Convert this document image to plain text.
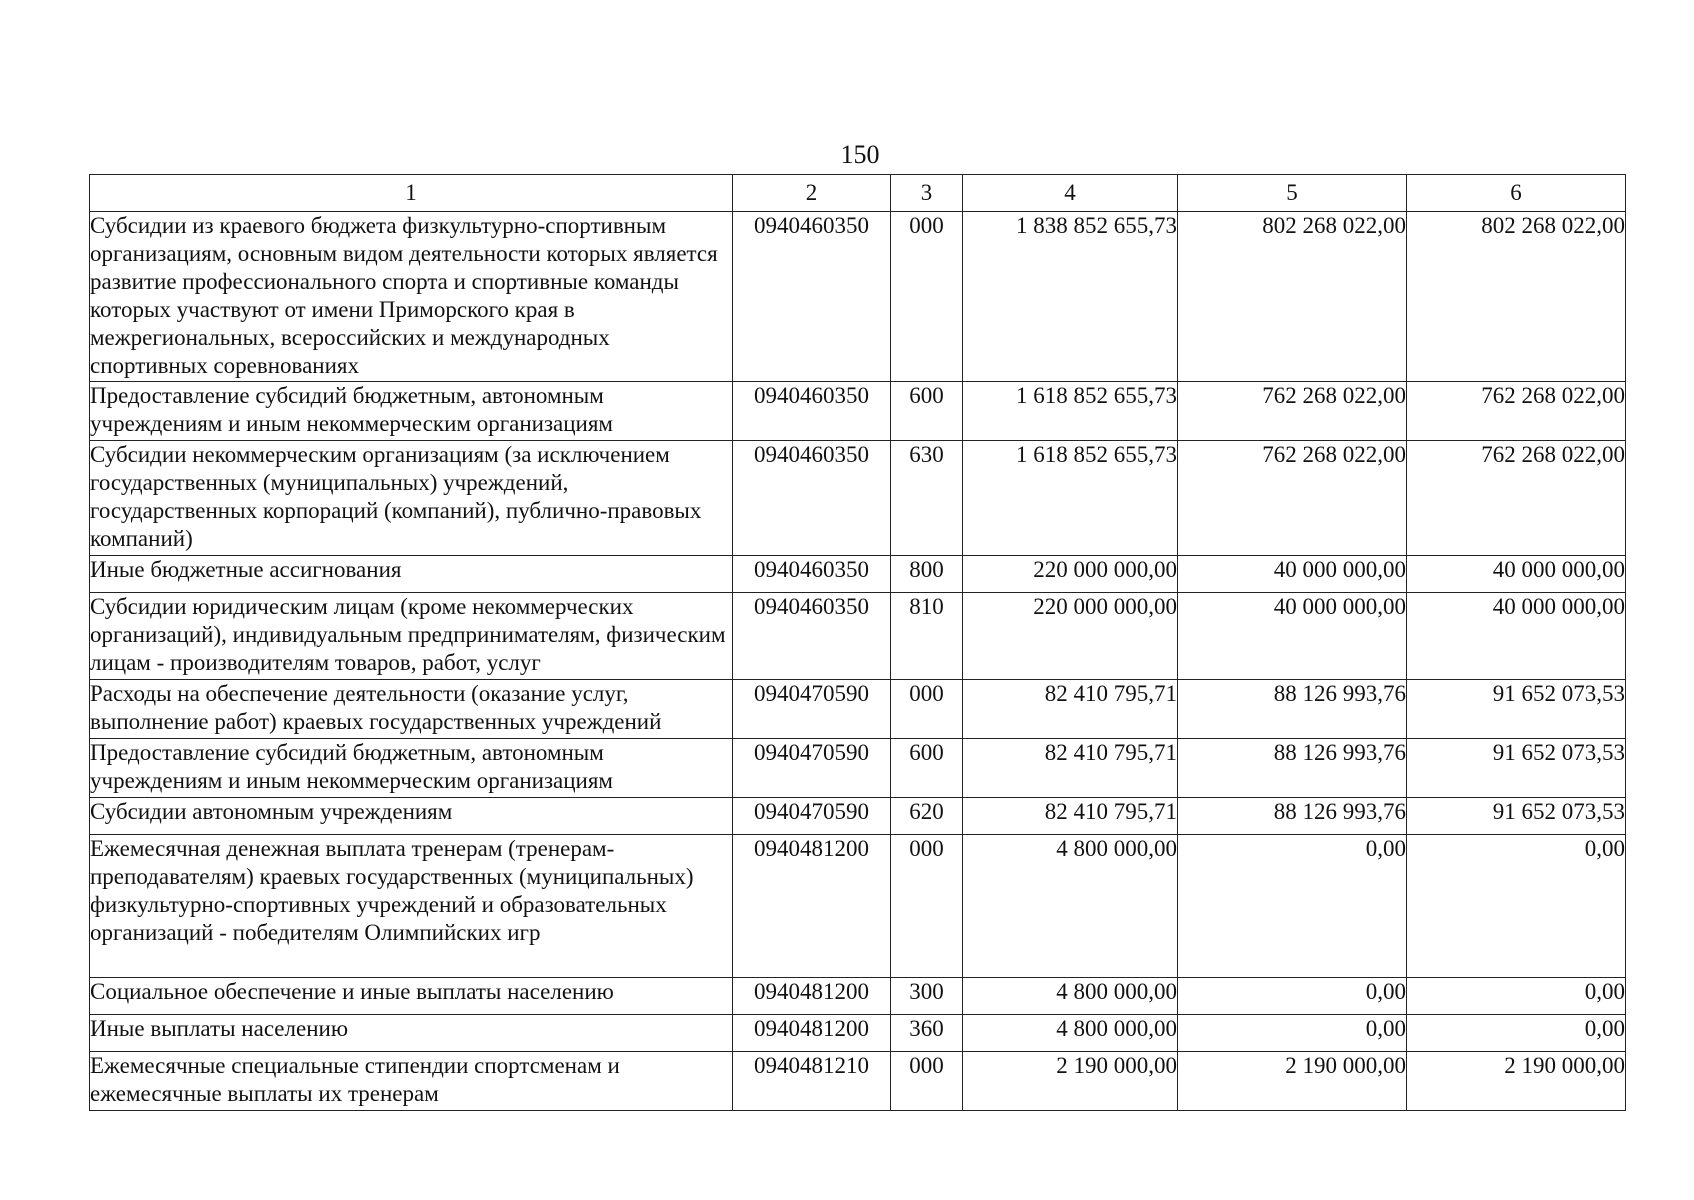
150
1	2	3	4	5	6
Субсидии из краевого бюджета физкультурно-спортивным организациям, основным видом деятельности которых является развитие профессионального спорта и спортивные команды которых участвуют от имени Приморского края в межрегиональных, всероссийских и международных спортивных соревнованиях	0940460350	000	1 838 852 655,73	802 268 022,00	802 268 022,00
Предоставление субсидий бюджетным, автономным учреждениям и иным некоммерческим организациям	0940460350	600	1 618 852 655,73	762 268 022,00	762 268 022,00
Субсидии некоммерческим организациям (за исключением государственных (муниципальных) учреждений, государственных корпораций (компаний), публично-правовых компаний)	0940460350	630	1 618 852 655,73	762 268 022,00	762 268 022,00
Иные бюджетные ассигнования	0940460350	800	220 000 000,00	40 000 000,00	40 000 000,00
Субсидии юридическим лицам (кроме некоммерческих организаций), индивидуальным предпринимателям, физическим лицам - производителям товаров, работ, услуг	0940460350	810	220 000 000,00	40 000 000,00	40 000 000,00
Расходы на обеспечение деятельности (оказание услуг, выполнение работ) краевых государственных учреждений	0940470590	000	82 410 795,71	88 126 993,76	91 652 073,53
Предоставление субсидий бюджетным, автономным учреждениям и иным некоммерческим организациям	0940470590	600	82 410 795,71	88 126 993,76	91 652 073,53
Субсидии автономным учреждениям	0940470590	620	82 410 795,71	88 126 993,76	91 652 073,53
Ежемесячная денежная выплата тренерам (тренерам-преподавателям) краевых государственных (муниципальных) физкультурно-спортивных учреждений и образовательных организаций - победителям Олимпийских игр	0940481200	000	4 800 000,00	0,00	0,00
Социальное обеспечение и иные выплаты населению	0940481200	300	4 800 000,00	0,00	0,00
Иные выплаты населению	0940481200	360	4 800 000,00	0,00	0,00
Ежемесячные специальные стипендии спортсменам и ежемесячные выплаты их тренерам	0940481210	000	2 190 000,00	2 190 000,00	2 190 000,00
